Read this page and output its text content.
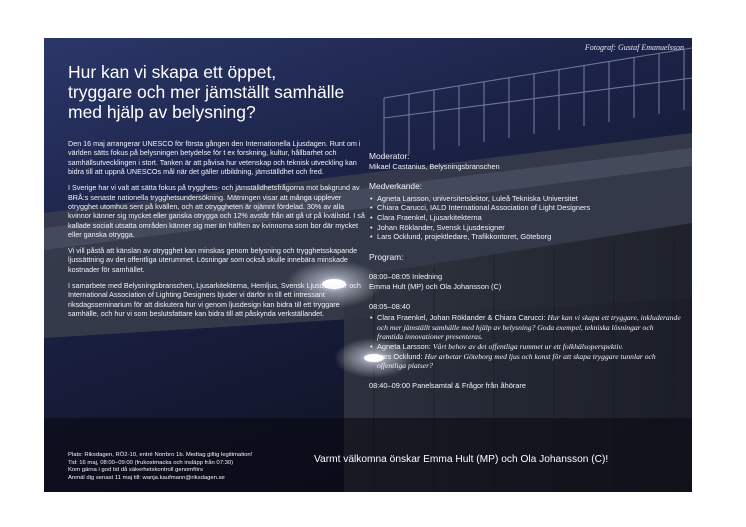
Fotograf: Gustaf Emanuelsson
Hur kan vi skapa ett öppet,
tryggare och mer jämställt samhälle
med hjälp av belysning?

Den 16 maj arrangerar UNESCO för första gången den Internationella Ljusdagen. Runt om i världen sätts fokus på belysningen betydelse för t ex forskning, kultur, hållbarhet och samhällsutvecklingen i stort. Tanken är att påvisa hur vetenskap och teknisk utveckling kan bidra till att uppnå UNESCOs mål när det gäller utbildning, jämställdhet och fred.

I Sverige har vi valt att sätta fokus på trygghets- och jämställdhetsfrågorna mot bakgrund av BRÅ:s senaste nationella trygghetsundersökning. Mätningen visar att många upplever otrygghet utomhus sent på kvällen, och att otryggheten är ojämnt fördelad. 30% av alla kvinnor känner sig mycket eller ganska otrygga och 12% avstår från att gå ut på kvällstid. I så kallade socialt utsatta områden känner sig mer än hälften av kvinnorna som bor där mycket eller ganska otrygga.

Vi vill påstå att känslan av otrygghet kan minskas genom belysning och trygghetsskapande ljussättning av det offentliga uterummet. Lösningar som också skulle innebära minskade kostnader för samhället.

I samarbete med Belysningsbranschen, Ljusarkitekterna, Hemljus, Svensk Ljusdesigner och International Association of Lighting Designers bjuder vi därför in till ett intressant riksdagsseminarium för att diskutera hur vi genom ljusdesign kan bidra till ett tryggare samhälle, och hur vi som beslutsfattare kan bidra till att påskynda verkställandet.

Plats: Riksdagen, RÖ2-10, entré Norrbro 1b. Medtag giltig legitimation!
Tid: 16 maj, 08:00–09:00 (frukostmacka och insläpp från 07:30)
Kom gärna i god tid då säkerhetskontroll genomförs
Anmäl dig senast 11 maj till: wanja.kaufmann@riksdagen.se
Moderator:
Mikael Castanius, Belysningsbranschen
Medverkande:
• Agneta Larsson, universitetslektor, Luleå Tekniska Universitet
• Chiara Carucci, IALD International Association of Light Designers
• Clara Fraenkel, Ljusarkitekterna
• Johan Röklander, Svensk Ljusdesigner
• Lars Ocklund, projektledare, Trafikkontoret, Göteborg
Program:
08:00–08:05 Inledning
Emma Hult (MP) och Ola Johansson (C)
08:05–08:40
• Clara Fraenkel, Johan Röklander & Chiara Carucci: Hur kan vi skapa ett tryggare, inkluderande och mer jämställt samhälle med hjälp av belysning? Goda exempel, tekniska lösningar och framtida innovationer presenteras.
• Agneta Larsson: Vårt behov av det offentliga rummet ur ett folkhälsoperspektiv.
• Lars Ocklund: Hur arbetar Göteborg med ljus och konst för att skapa tryggare tunnlar och offentliga platser?
08:40–09:00 Panelsamtal & Frågor från åhörare
Varmt välkomna önskar Emma Hult (MP) och Ola Johansson (C)!
